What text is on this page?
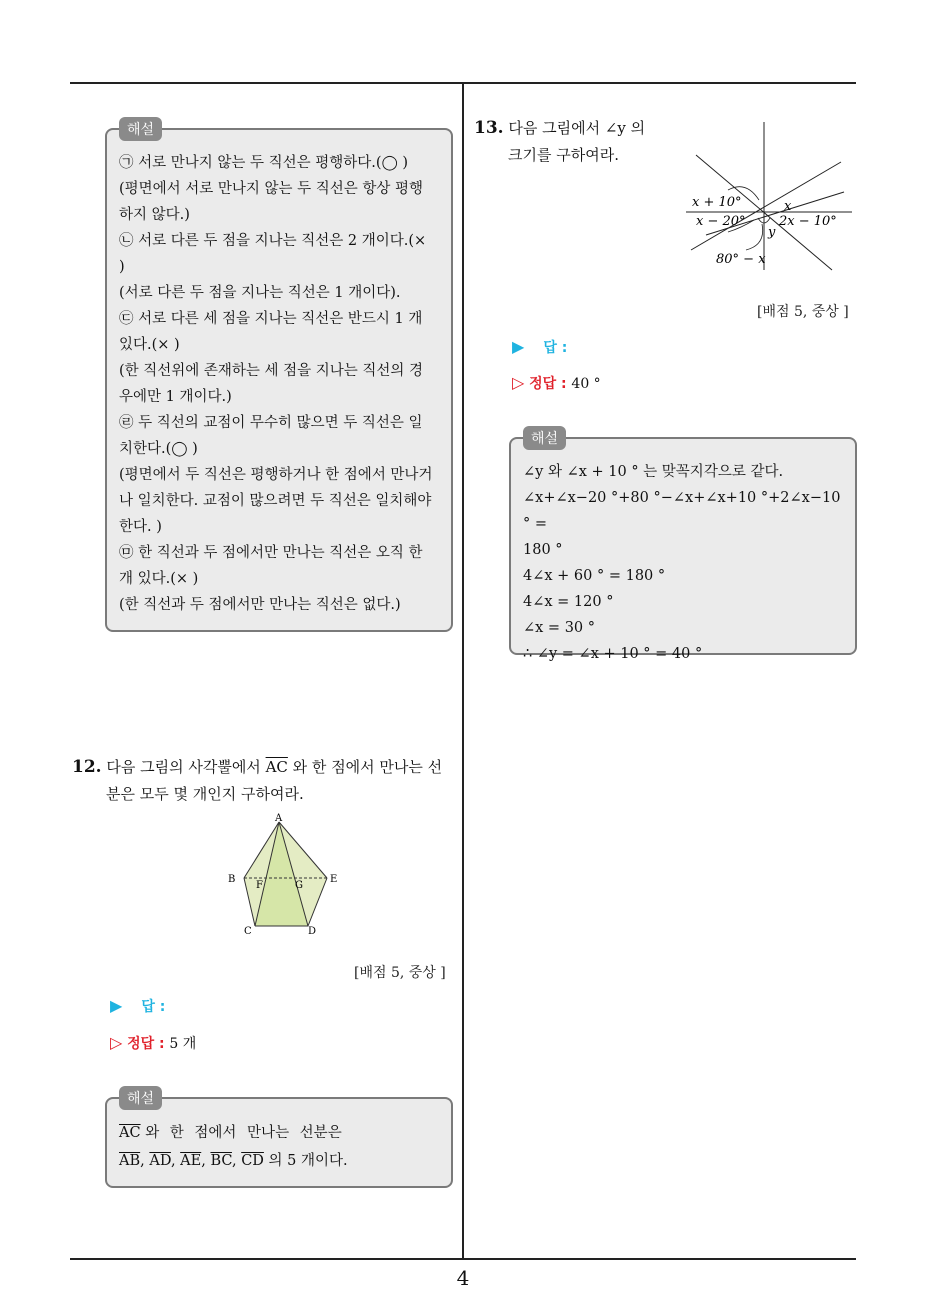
해설
㉠ 서로 만나지 않는 두 직선은 평행하다.(◯ )
(평면에서 서로 만나지 않는 두 직선은 항상 평행
하지 않다.)
㉡ 서로 다른 두 점을 지나는 직선은 2 개이다.(×
)
(서로 다른 두 점을 지나는 직선은 1 개이다).
㉢ 서로 다른 세 점을 지나는 직선은 반드시 1 개
있다.(× )
(한 직선위에 존재하는 세 점을 지나는 직선의 경
우에만 1 개이다.)
㉣ 두 직선의 교점이 무수히 많으면 두 직선은 일
치한다.(◯ )
(평면에서 두 직선은 평행하거나 한 점에서 만나거
나 일치한다. 교점이 많으려면 두 직선은 일치해야
한다. )
㉤ 한 직선과 두 점에서만 만나는 직선은 오직 한
개 있다.(× )
(한 직선과 두 점에서만 만나는 직선은 없다.)
12. 다음 그림의 사각뿔에서 $\overline{AC}$ 와 한 점에서 만나는 선
분은 모두 몇 개인지 구하여라.
A
B	E
F	G
C	D
[배점 5, 중상 ]
▶ 답 :
▷ 정답 : 5 개
해설
$\overline{AC}$ 와 한 점에서 만나는 선분은
$\overline{AB}$, $\overline{AD}$, $\overline{AE}$, $\overline{BC}$, $\overline{CD}$ 의 5 개이다.
13. 다음 그림에서 ∠y 의
크기를 구하여라.
x + 10°
x − 20°
x
2x − 10°
y
80° − x
[배점 5, 중상 ]
▶ 답 :
▷ 정답 : 40 °
해설
∠y 와 ∠x + 10 ° 는 맞꼭지각으로 같다.
∠x+∠x−20 °+80 °−∠x+∠x+10 °+2∠x−10 ° =
180 °
4∠x + 60 ° = 180 °
4∠x = 120 °
∠x = 30 °
∴ ∠y = ∠x + 10 ° = 40 °
4
